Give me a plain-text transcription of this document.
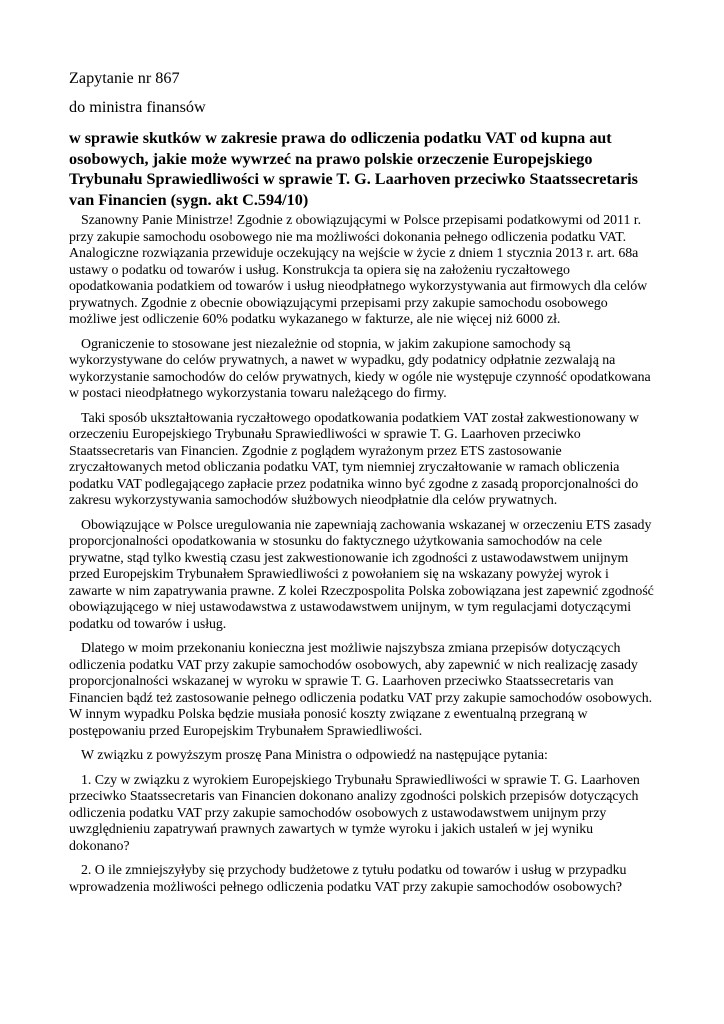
Zapytanie nr 867
do ministra finansów
w sprawie skutków w zakresie prawa do odliczenia podatku VAT od kupna aut osobowych, jakie może wywrzeć na prawo polskie orzeczenie Europejskiego Trybunału Sprawiedliwości w sprawie T. G. Laarhoven przeciwko Staatssecretaris van Financien (sygn. akt C.594/10)

Szanowny Panie Ministrze! Zgodnie z obowiązującymi w Polsce przepisami podatkowymi od 2011 r. przy zakupie samochodu osobowego nie ma możliwości dokonania pełnego odliczenia podatku VAT. Analogiczne rozwiązania przewiduje oczekujący na wejście w życie z dniem 1 stycznia 2013 r. art. 68a ustawy o podatku od towarów i usług. Konstrukcja ta opiera się na założeniu ryczałtowego opodatkowania podatkiem od towarów i usług nieodpłatnego wykorzystywania aut firmowych dla celów prywatnych. Zgodnie z obecnie obowiązującymi przepisami przy zakupie samochodu osobowego możliwe jest odliczenie 60% podatku wykazanego w fakturze, ale nie więcej niż 6000 zł.

Ograniczenie to stosowane jest niezależnie od stopnia, w jakim zakupione samochody są wykorzystywane do celów prywatnych, a nawet w wypadku, gdy podatnicy odpłatnie zezwalają na wykorzystanie samochodów do celów prywatnych, kiedy w ogóle nie występuje czynność opodatkowana w postaci nieodpłatnego wykorzystania towaru należącego do firmy.

Taki sposób ukształtowania ryczałtowego opodatkowania podatkiem VAT został zakwestionowany w orzeczeniu Europejskiego Trybunału Sprawiedliwości w sprawie T. G. Laarhoven przeciwko Staatssecretaris van Financien. Zgodnie z poglądem wyrażonym przez ETS zastosowanie zryczałtowanych metod obliczania podatku VAT, tym niemniej zryczałtowanie w ramach obliczenia podatku VAT podlegającego zapłacie przez podatnika winno być zgodne z zasadą proporcjonalności do zakresu wykorzystywania samochodów służbowych nieodpłatnie dla celów prywatnych.

Obowiązujące w Polsce uregulowania nie zapewniają zachowania wskazanej w orzeczeniu ETS zasady proporcjonalności opodatkowania w stosunku do faktycznego użytkowania samochodów na cele prywatne, stąd tylko kwestią czasu jest zakwestionowanie ich zgodności z ustawodawstwem unijnym przed Europejskim Trybunałem Sprawiedliwości z powołaniem się na wskazany powyżej wyrok i zawarte w nim zapatrywania prawne. Z kolei Rzeczpospolita Polska zobowiązana jest zapewnić zgodność obowiązującego w niej ustawodawstwa z ustawodawstwem unijnym, w tym regulacjami dotyczącymi podatku od towarów i usług.

Dlatego w moim przekonaniu konieczna jest możliwie najszybsza zmiana przepisów dotyczących odliczenia podatku VAT przy zakupie samochodów osobowych, aby zapewnić w nich realizację zasady proporcjonalności wskazanej w wyroku w sprawie T. G. Laarhoven przeciwko Staatssecretaris van Financien bądź też zastosowanie pełnego odliczenia podatku VAT przy zakupie samochodów osobowych. W innym wypadku Polska będzie musiała ponosić koszty związane z ewentualną przegraną w postępowaniu przed Europejskim Trybunałem Sprawiedliwości.

W związku z powyższym proszę Pana Ministra o odpowiedź na następujące pytania:

1. Czy w związku z wyrokiem Europejskiego Trybunału Sprawiedliwości w sprawie T. G. Laarhoven przeciwko Staatssecretaris van Financien dokonano analizy zgodności polskich przepisów dotyczących odliczenia podatku VAT przy zakupie samochodów osobowych z ustawodawstwem unijnym przy uwzględnieniu zapatrywań prawnych zawartych w tymże wyroku i jakich ustaleń w jej wyniku dokonano?

2. O ile zmniejszyłyby się przychody budżetowe z tytułu podatku od towarów i usług w przypadku wprowadzenia możliwości pełnego odliczenia podatku VAT przy zakupie samochodów osobowych?
